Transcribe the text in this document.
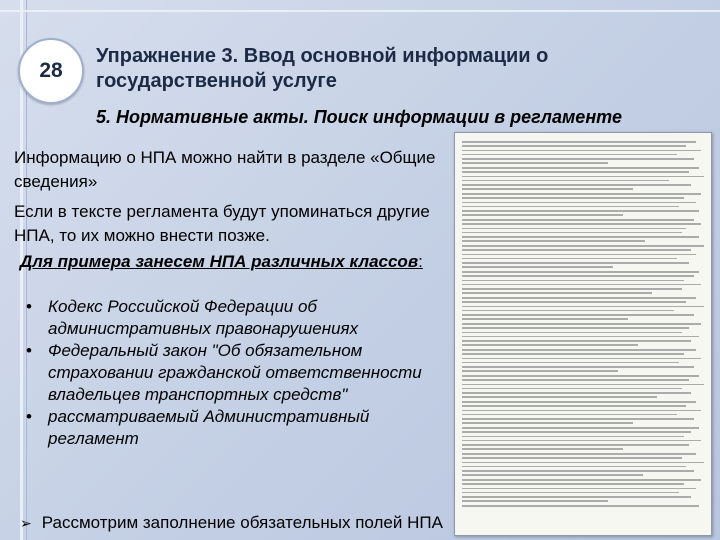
28
Упражнение 3. Ввод основной информации о государственной услуге
5. Нормативные акты. Поиск информации в регламенте
Информацию о НПА можно найти в разделе «Общие сведения»
Если в тексте регламента будут упоминаться другие НПА, то их можно внести позже.
Для примера занесем НПА различных классов:
• Кодекс Российской Федерации об административных правонарушениях
• Федеральный закон "Об обязательном страховании гражданской ответственности владельцев транспортных средств"
• рассматриваемый Административный регламент
➢ Рассмотрим заполнение обязательных полей НПА
